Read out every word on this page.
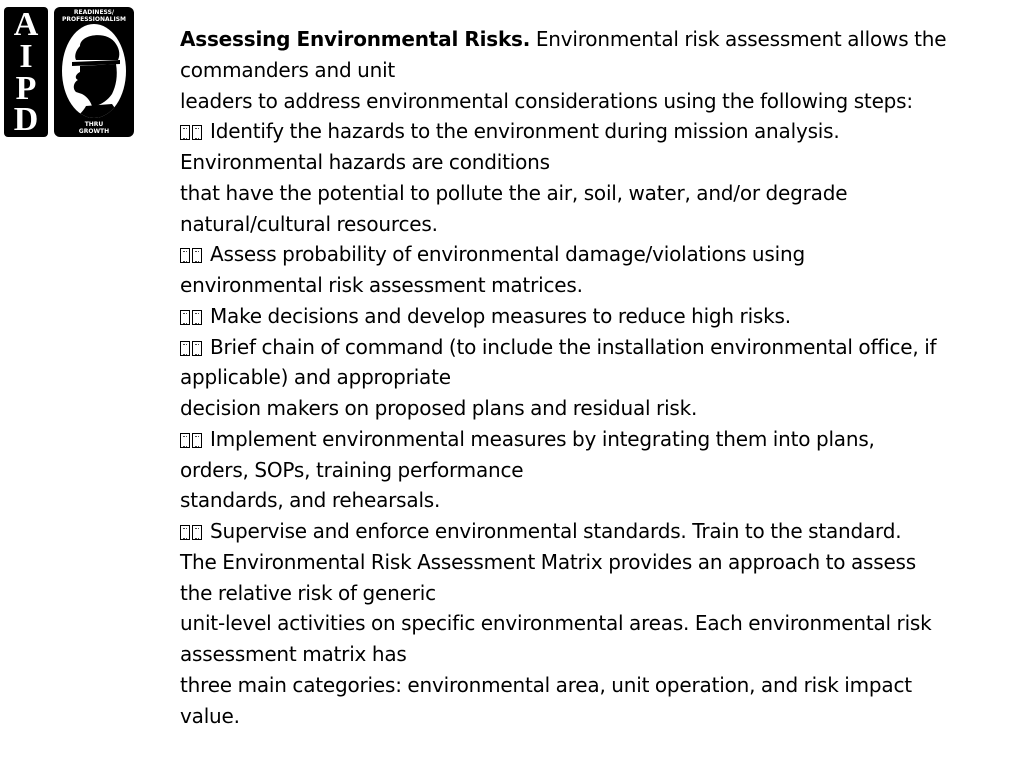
A
I
P
D
READINESS/
PROFESSIONALISM
THRU
GROWTH
Assessing Environmental Risks. Environmental risk assessment allows the
commanders and unit
leaders to address environmental considerations using the following steps:
Identify the hazards to the environment during mission analysis.
Environmental hazards are conditions
that have the potential to pollute the air, soil, water, and/or degrade
natural/cultural resources.
Assess probability of environmental damage/violations using
environmental risk assessment matrices.
Make decisions and develop measures to reduce high risks.
Brief chain of command (to include the installation environmental office, if
applicable) and appropriate
decision makers on proposed plans and residual risk.
Implement environmental measures by integrating them into plans,
orders, SOPs, training performance
standards, and rehearsals.
Supervise and enforce environmental standards. Train to the standard.
The Environmental Risk Assessment Matrix provides an approach to assess
the relative risk of generic
unit-level activities on specific environmental areas. Each environmental risk
assessment matrix has
three main categories: environmental area, unit operation, and risk impact
value.
